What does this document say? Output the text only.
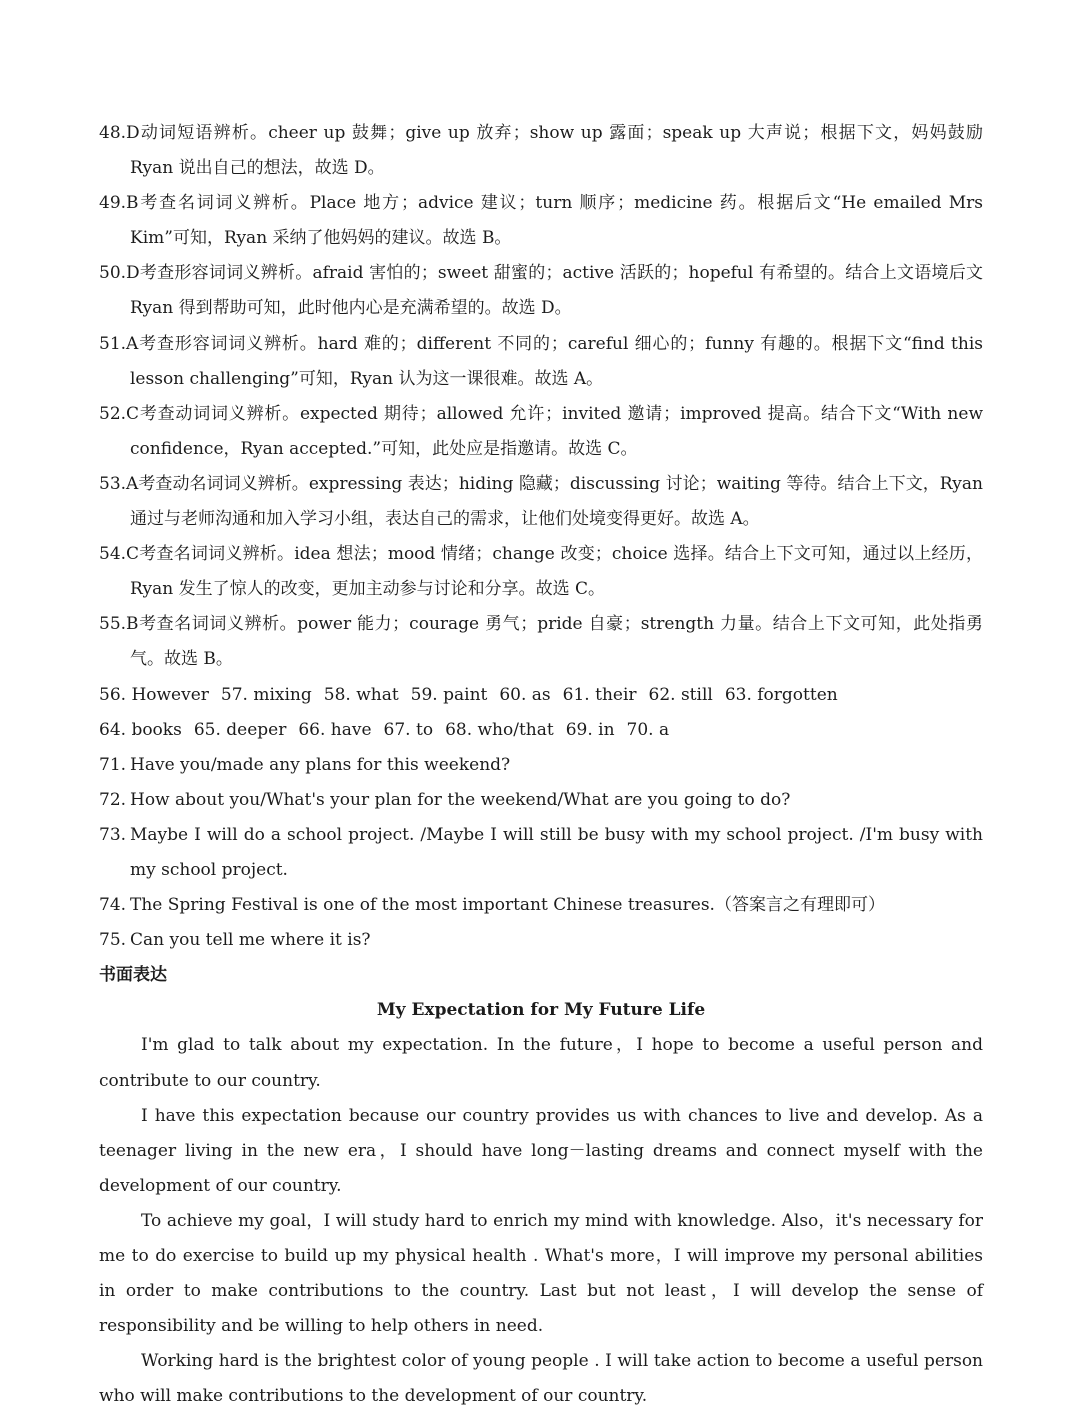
48.D动词短语辨析。cheer up 鼓舞；give up 放弃；show up 露面；speak up 大声说；根据下文，妈妈鼓励 Ryan 说出自己的想法，故选 D。
49.B考查名词词义辨析。Place 地方；advice 建议；turn 顺序；medicine 药。根据后文“He emailed Mrs Kim”可知，Ryan 采纳了他妈妈的建议。故选 B。
50.D考查形容词词义辨析。afraid 害怕的；sweet 甜蜜的；active 活跃的；hopeful 有希望的。结合上文语境后文 Ryan 得到帮助可知，此时他内心是充满希望的。故选 D。
51.A考查形容词词义辨析。hard 难的；different 不同的；careful 细心的；funny 有趣的。根据下文“find this lesson challenging”可知，Ryan 认为这一课很难。故选 A。
52.C考查动词词义辨析。expected 期待；allowed 允许；invited 邀请；improved 提高。结合下文“With new confidence，Ryan accepted.”可知，此处应是指邀请。故选 C。
53.A考查动名词词义辨析。expressing 表达；hiding 隐藏；discussing 讨论；waiting 等待。结合上下文，Ryan 通过与老师沟通和加入学习小组，表达自己的需求，让他们处境变得更好。故选 A。
54.C考查名词词义辨析。idea 想法；mood 情绪；change 改变；choice 选择。结合上下文可知，通过以上经历，Ryan 发生了惊人的改变，更加主动参与讨论和分享。故选 C。
55.B考查名词词义辨析。power 能力；courage 勇气；pride 自豪；strength 力量。结合上下文可知，此处指勇气。故选 B。
56. However 57. mixing 58. what 59. paint 60. as 61. their 62. still 63. forgotten
64. books 65. deeper 66. have 67. to 68. who/that 69. in 70. a
71. Have you/made any plans for this weekend?
72. How about you/What's your plan for the weekend/What are you going to do?
73. Maybe I will do a school project. /Maybe I will still be busy with my school project. /I'm busy with my school project.
74. The Spring Festival is one of the most important Chinese treasures.（答案言之有理即可）
75. Can you tell me where it is?
书面表达
My Expectation for My Future Life
I'm glad to talk about my expectation. In the future，I hope to become a useful person and contribute to our country.
I have this expectation because our country provides us with chances to live and develop. As a teenager living in the new era，I should have long－lasting dreams and connect myself with the development of our country.
To achieve my goal，I will study hard to enrich my mind with knowledge. Also，it's necessary for me to do exercise to build up my physical health . What's more，I will improve my personal abilities in order to make contributions to the country. Last but not least，I will develop the sense of responsibility and be willing to help others in need.
Working hard is the brightest color of young people . I will take action to become a useful person who will make contributions to the development of our country.
